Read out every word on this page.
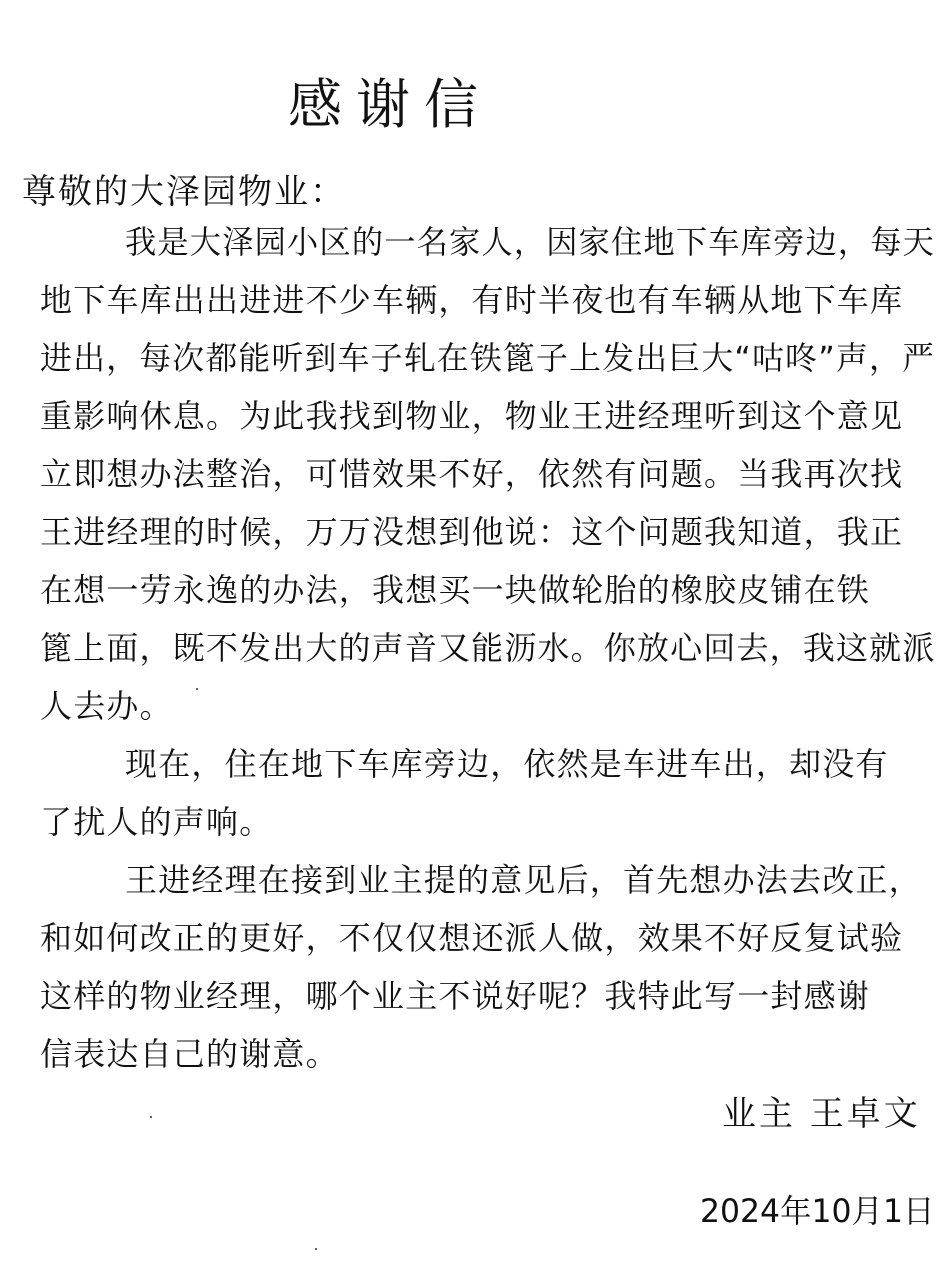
感谢信
尊敬的大泽园物业：
我是大泽园小区的一名家人，因家住地下车库旁边，每天
地下车库出出进进不少车辆，有时半夜也有车辆从地下车库
进出，每次都能听到车子轧在铁篦子上发出巨大“咕咚”声，严
重影响休息。为此我找到物业，物业王进经理听到这个意见
立即想办法整治，可惜效果不好，依然有问题。当我再次找
王进经理的时候，万万没想到他说：这个问题我知道，我正
在想一劳永逸的办法，我想买一块做轮胎的橡胶皮铺在铁
篦上面，既不发出大的声音又能沥水。你放心回去，我这就派
人去办。
现在，住在地下车库旁边，依然是车进车出，却没有
了扰人的声响。
王进经理在接到业主提的意见后，首先想办法去改正，
和如何改正的更好，不仅仅想还派人做，效果不好反复试验
这样的物业经理，哪个业主不说好呢？我特此写一封感谢
信表达自己的谢意。
业主 王卓文
2024年10月1日
